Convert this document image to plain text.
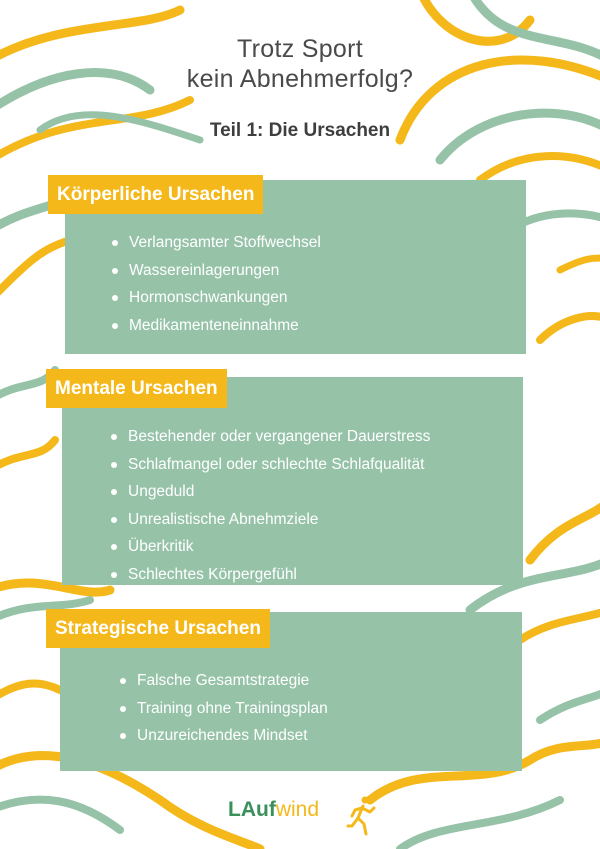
Trotz Sport
kein Abnehmerfolg?
Teil 1: Die Ursachen
Körperliche Ursachen
Verlangsamter Stoffwechsel
Wassereinlagerungen
Hormonschwankungen
Medikamenteneinnahme
Mentale Ursachen
Bestehender oder vergangener Dauerstress
Schlafmangel oder schlechte Schlafqualität
Ungeduld
Unrealistische Abnehmziele
Überkritik
Schlechtes Körpergefühl
Strategische Ursachen
Falsche Gesamtstrategie
Training ohne Trainingsplan
Unzureichendes Mindset
LAufwind
